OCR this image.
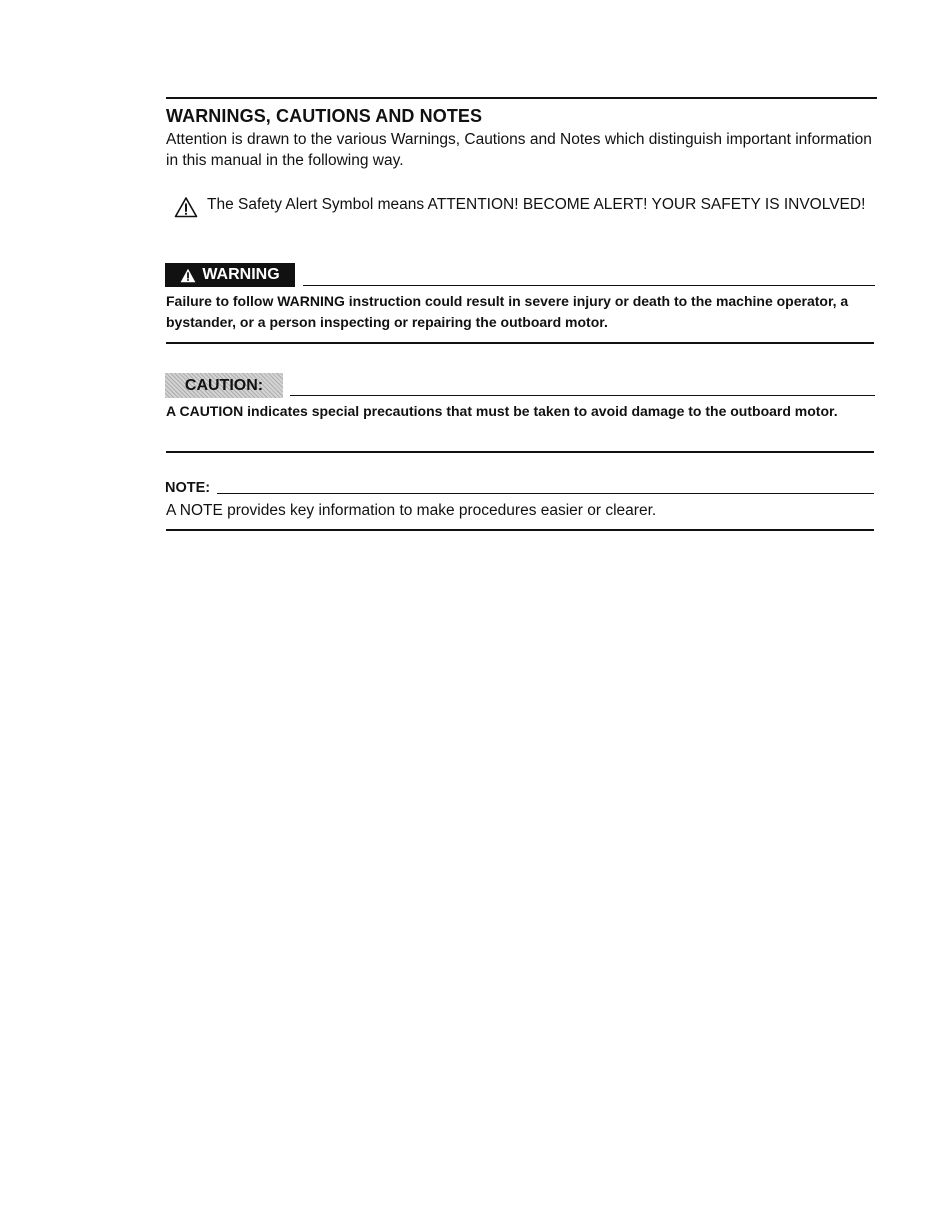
WARNINGS, CAUTIONS AND NOTES
Attention is drawn to the various Warnings, Cautions and Notes which distinguish important information in this manual in the following way.
The Safety Alert Symbol means ATTENTION! BECOME ALERT! YOUR SAFETY IS INVOLVED!
WARNING
Failure to follow WARNING instruction could result in severe injury or death to the machine operator, a bystander, or a person inspecting or repairing the outboard motor.
CAUTION:
A CAUTION indicates special precautions that must be taken to avoid damage to the outboard motor.
NOTE:
A NOTE provides key information to make procedures easier or clearer.
